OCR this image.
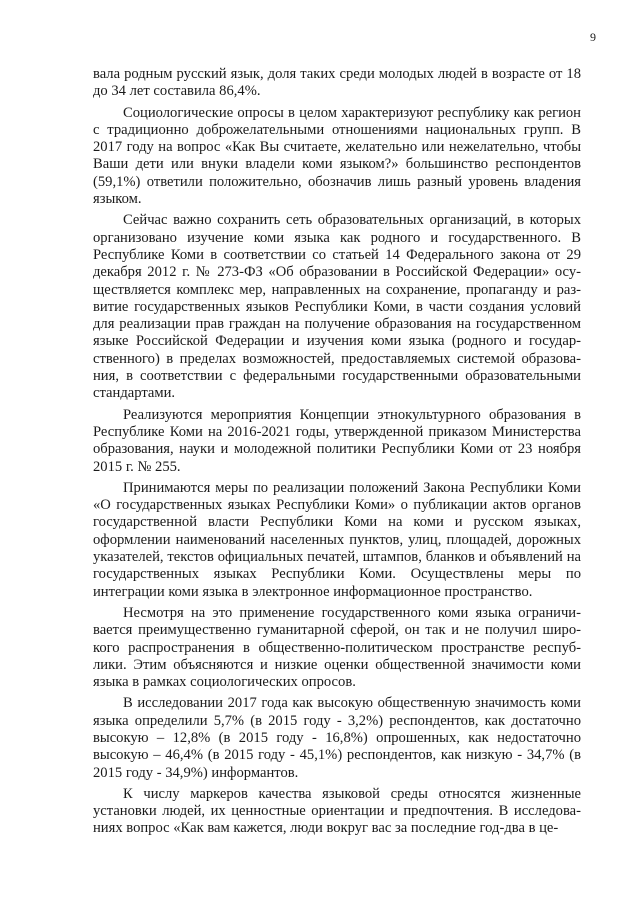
9

вала родным русский язык, доля таких среди молодых людей в возрасте от 18 до 34 лет составила 86,4%.

Социологические опросы в целом характеризуют республику как регион с традиционно доброжелательными отношениями национальных групп. В 2017 году на вопрос «Как Вы считаете, желательно или нежелательно, чтобы Ваши дети или внуки владели коми языком?» большинство респондентов (59,1%) ответили положительно, обозначив лишь разный уровень владения языком.

Сейчас важно сохранить сеть образовательных организаций, в которых организовано изучение коми языка как родного и государственного. В Республике Коми в соответствии со статьей 14 Федерального закона от 29 декабря 2012 г. № 273-ФЗ «Об образовании в Российской Федерации» осуществляется комплекс мер, направленных на сохранение, пропаганду и развитие государственных языков Республики Коми, в части создания условий для реализации прав граждан на получение образования на государственном языке Российской Федерации и изучения коми языка (родного и государственного) в пределах возможностей, предоставляемых системой образования, в соответствии с федеральными государственными образовательными стандартами.

Реализуются мероприятия Концепции этнокультурного образования в Республике Коми на 2016-2021 годы, утвержденной приказом Министерства образования, науки и молодежной политики Республики Коми от 23 ноября 2015 г. № 255.

Принимаются меры по реализации положений Закона Республики Коми «О государственных языках Республики Коми» о публикации актов органов государственной власти Республики Коми на коми и русском языках, оформлении наименований населенных пунктов, улиц, площадей, дорожных указателей, текстов официальных печатей, штампов, бланков и объявлений на государственных языках Республики Коми. Осуществлены меры по интеграции коми языка в электронное информационное пространство.

Несмотря на это применение государственного коми языка ограничивается преимущественно гуманитарной сферой, он так и не получил широкого распространения в общественно-политическом пространстве республики. Этим объясняются и низкие оценки общественной значимости коми языка в рамках социологических опросов.

В исследовании 2017 года как высокую общественную значимость коми языка определили 5,7% (в 2015 году - 3,2%) респондентов, как достаточно высокую – 12,8% (в 2015 году - 16,8%) опрошенных, как недостаточно высокую – 46,4% (в 2015 году - 45,1%) респондентов, как низкую - 34,7% (в 2015 году - 34,9%) информантов.

К числу маркеров качества языковой среды относятся жизненные установки людей, их ценностные ориентации и предпочтения. В исследованиях вопрос «Как вам кажется, люди вокруг вас за последние год-два в це-
